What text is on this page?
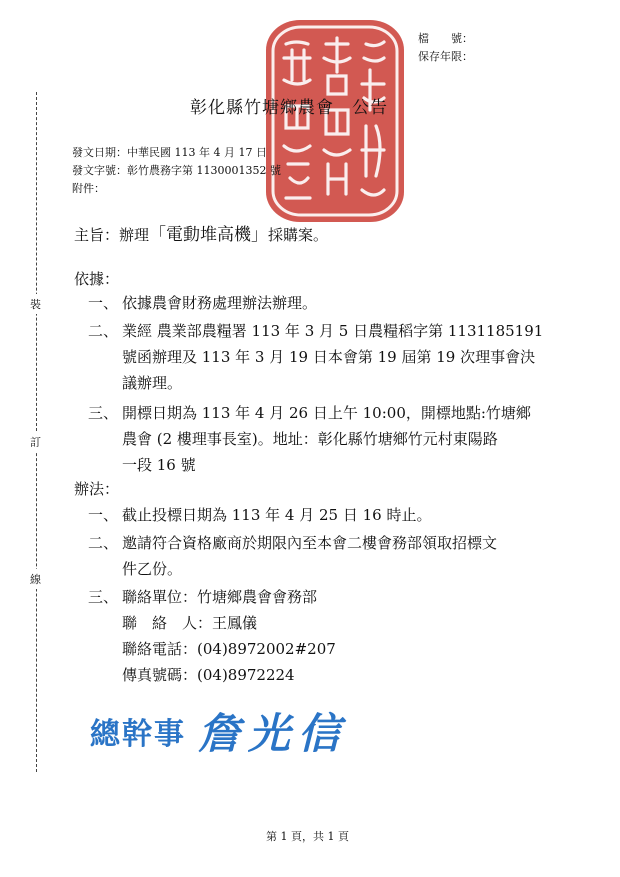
裝
訂
線
檔　　號：
保存年限：
彰化縣竹塘鄉農會　公告
發文日期：中華民國 113 年 4 月 17 日
發文字號：彰竹農務字第 1130001352 號
附件：
主旨：辦理「電動堆高機」採購案。
依據：
一、 依據農會財務處理辦法辦理。
二、 業經 農業部農糧署 113 年 3 月 5 日農糧稻字第 1131185191
號函辦理及 113 年 3 月 19 日本會第 19 屆第 19 次理事會決
議辦理。
三、 開標日期為 113 年 4 月 26 日上午 10:00，開標地點:竹塘鄉
農會 (2 樓理事長室)。地址：彰化縣竹塘鄉竹元村東陽路
一段 16 號
辦法：
一、 截止投標日期為 113 年 4 月 25 日 16 時止。
二、 邀請符合資格廠商於期限內至本會二樓會務部領取招標文
件乙份。
三、 聯絡單位：竹塘鄉農會會務部
聯　絡　人：王鳳儀
聯絡電話：(04)8972002#207
傳真號碼：(04)8972224
總幹事 詹光信
第 1 頁，共 1 頁
